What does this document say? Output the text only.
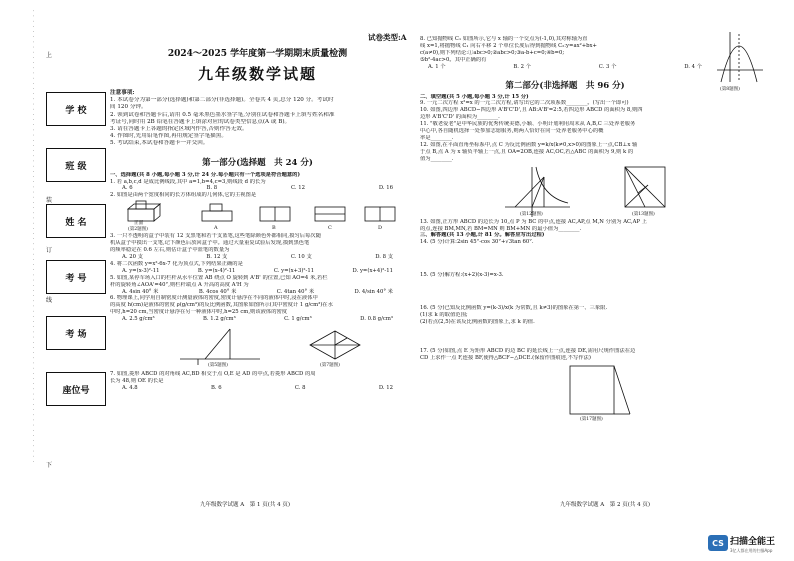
上
装
订
线
下
· · · · · · · · · · · · · · · · · · · · · · · · · · · · · · · · · · · · · · · · · · · · · · · · · · · · · · · · · · · · · · · · · · · · · · · · · · · · · · · · · · · · · · · ·	学 校
班 级
姓 名
考 号
考 场
座位号
试卷类型:A
2024～2025 学年度第一学期期末质量检测
九年级数学试题
注意事项:
1. 本试卷分为第一部分(选择题)和第二部分(非选择题)。全卷共 4 页,总分 120 分。考试时
间 120 分钟。
2. 领到试卷和答题卡后,请用 0.5 毫米黑色墨水签字笔,分别在试卷和答题卡上填写姓名和准
考证号,同时用 2B 铅笔在答题卡上填涂对应的试卷类型信息点(A 或 B)。
3. 请在答题卡上各题的指定区域内作答,否则作答无效。
4. 作图时,先用铅笔作图,再用规定签字笔描黑。
5. 考试结束,本试卷和答题卡一并交回。
第一部分(选择题　共 24 分)
一、选择题(共 8 小题,每小题 3 分,计 24 分.每小题只有一个选项是符合题意的)
1. 若 a,b,c,d 是成比例线段,其中 a=1,b=4,c=3,则线段 d 的长为
A. 6	B. 8	C. 12	D. 16
2. 如图是由两个宽度相同的长方体组成的几何体,它的主视图是
正面
(第2题图)	A	B	C	D
3. 一只不透明的盒子中装有 12 支黑笔和若干支蓝笔,这些笔除颜色外都相同,摸匀后每次随
机从盒子中摸出一支笔,记下颜色后放回盒子中。通过大量重复试验后发现,摸到黑色笔
的频率稳定在 0.6 左右,则估计盒子中蓝笔的数量为
A. 20 支	B. 12 支	C. 10 支	D. 8 支
4. 将二次函数 y=x²-6x-7 化为顶点式,下列结果正确的是
A. y=(x-3)²-11	B. y=(x-4)²-11	C. y=(x+3)²-11	D. y=(x+4)²-11
5. 如图,某停车场入口的栏杆从水平位置 AB 绕点 O 旋转到 A'B' 的位置,已知 AO=4 米,若栏
杆的旋转角∠AOA'=40°,则栏杆端点 A 升高的高度 A'H 为
A. 4sin 40° 米	B. 4cos 40° 米	C. 4tan 40° 米	D. 4/sin 40° 米
6. 物理课上,同学用自制密度计测量液体的密度,密度计悬浮在不同的液体中时,浸在液体中
的高度 h(cm)是液体的密度 ρ(g/cm³)的反比例函数,其图象如图所示(其中密度计 1 g/cm³)在水
中时,h=20 cm,当密度计悬浮在另一种液体中时,h=25 cm,则该液体的密度
A. 2.5 g/cm³	B. 1.2 g/cm³	C. 1 g/cm³	D. 0.8 g/cm³
(第5题图)	(第7题图)
7. 如图,菱形 ABCD 的对角线 AC,BD 相交于点 O,E 是 AD 的中点,若菱形 ABCD 的周
长为 48,则 OE 的长是
A. 4.8	B. 6	C. 8	D. 12
九年级数学试题 A　第 1 页(共 4 页)
8. 已知抛物线 C₁ 如图所示,它与 x 轴的一个交点为(-1,0),其对称轴为直
线 x=1,将抛物线 C₁ 向右平移 2 个单位长度后得到抛物线 C₂:y=ax²+bx+
c(a≠0),则下列结论:①abc>0;②abc>0;③a-b+c=0;④b=0;
⑤b²-4ac>0。其中正确的有
A. 1 个	B. 2 个	C. 3 个	D. 4 个
(第8题图)
第二部分(非选择题　共 96 分)
二、填空题(共 5 小题,每小题 3 分,计 15 分)
9. 一元二次方程 x²=x 的一元二次方程,请写出它的二次项系数________。(写出一个即可)
10. 如图,四边形 ABCD∽四边形 A'B'C'D',且 AB:A'B'=2:5,若四边形 ABCD 的面积为 8,则四
边形 A'B'C'D' 的面积为________.
11. "敬老爱老"是中华民族的优秀传统美德,小颖、小明计划利用周末从 A,B,C 三处养老服务
中心中,各自随机选择一处参加志愿服务,则两人恰好在同一处养老服务中心的概
率是________.
12. 如图,在平面直角坐标系中,点 C 为反比例函数 y=k/x(k≠0,x>0)的图象上一点,CB⊥x 轴
于点 B,点 A 为 x 轴负半轴上一点,且 OA=2OB,连接 AC,OC,若△ABC 的面积为 9,则 k 的
值为________.
(第12题图)	(第13题图)
13. 如图,正方形 ABCD 的边长为 10,点 P 为 BC 的中点,连接 AC,AP,点 M,N 分别为 AC,AP 上
的点,连接 BM,MN,若 BM=MN 则 BM+MN 的最小值为________.
三、解答题(共 13 小题,计 81 分。解答应写出过程)
14. (5 分)计算:2sin 45°-cos 30°+√3tan 60°.
15. (5 分)解方程:(x+2)(x-3)=x-3.
16. (5 分)已知反比例函数 y=(k-3)/x(k 为常数,且 k≠3)的图象在第一、三象限.
(1)求 k 的取值范围;
(2)若点(2,5)在该反比例函数的图象上,求 k 的值.
17. (5 分)如图,点 E 为矩形 ABCD 的边 BC 的延长线上一点,连接 DE,需用尺规作图法在边
CD 上求作一点 F,连接 BF,使得△BCF∽△DCE.(保留作图痕迹,不写作法)
(第17题图)
九年级数学试题 A　第 2 页(共 4 页)
CS 扫描全能王
3亿人都在用的扫描App
